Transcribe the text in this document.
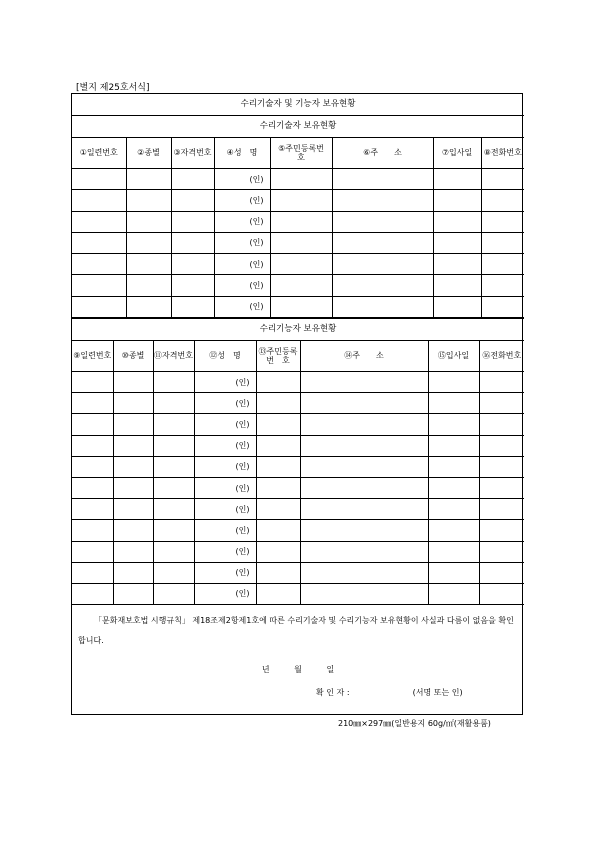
[별지 제25호서식]
수리기술자 및 기능자 보유현황							
수리기술자 보유현황							
①일련번호	②종별	③자격번호	④성　명	⑤주민등록번　호	⑥주　　소	⑦입사일	⑧전화번호
			(인)				
			(인)				
			(인)				
			(인)				
			(인)				
			(인)				
			(인)				
수리기능자 보유현황							
⑨일련번호	⑩종별	⑪자격번호	⑫성　명	⑬주민등록번　호	⑭주　　소	⑮입사일	⑯전화번호
			(인)				
			(인)				
			(인)				
			(인)				
			(인)				
			(인)				
			(인)				
			(인)				
			(인)				
			(인)				
			(인)				

「문화재보호법 시행규칙」 제18조제2항제1호에 따른 수리기술자 및 수리기능자 보유현황이 사실과 다름이 없음을 확인합니다.
년 월 일
확 인 자 : (서명 또는 인)							
210㎜×297㎜(일반용지 60g/㎡(재활용품)
